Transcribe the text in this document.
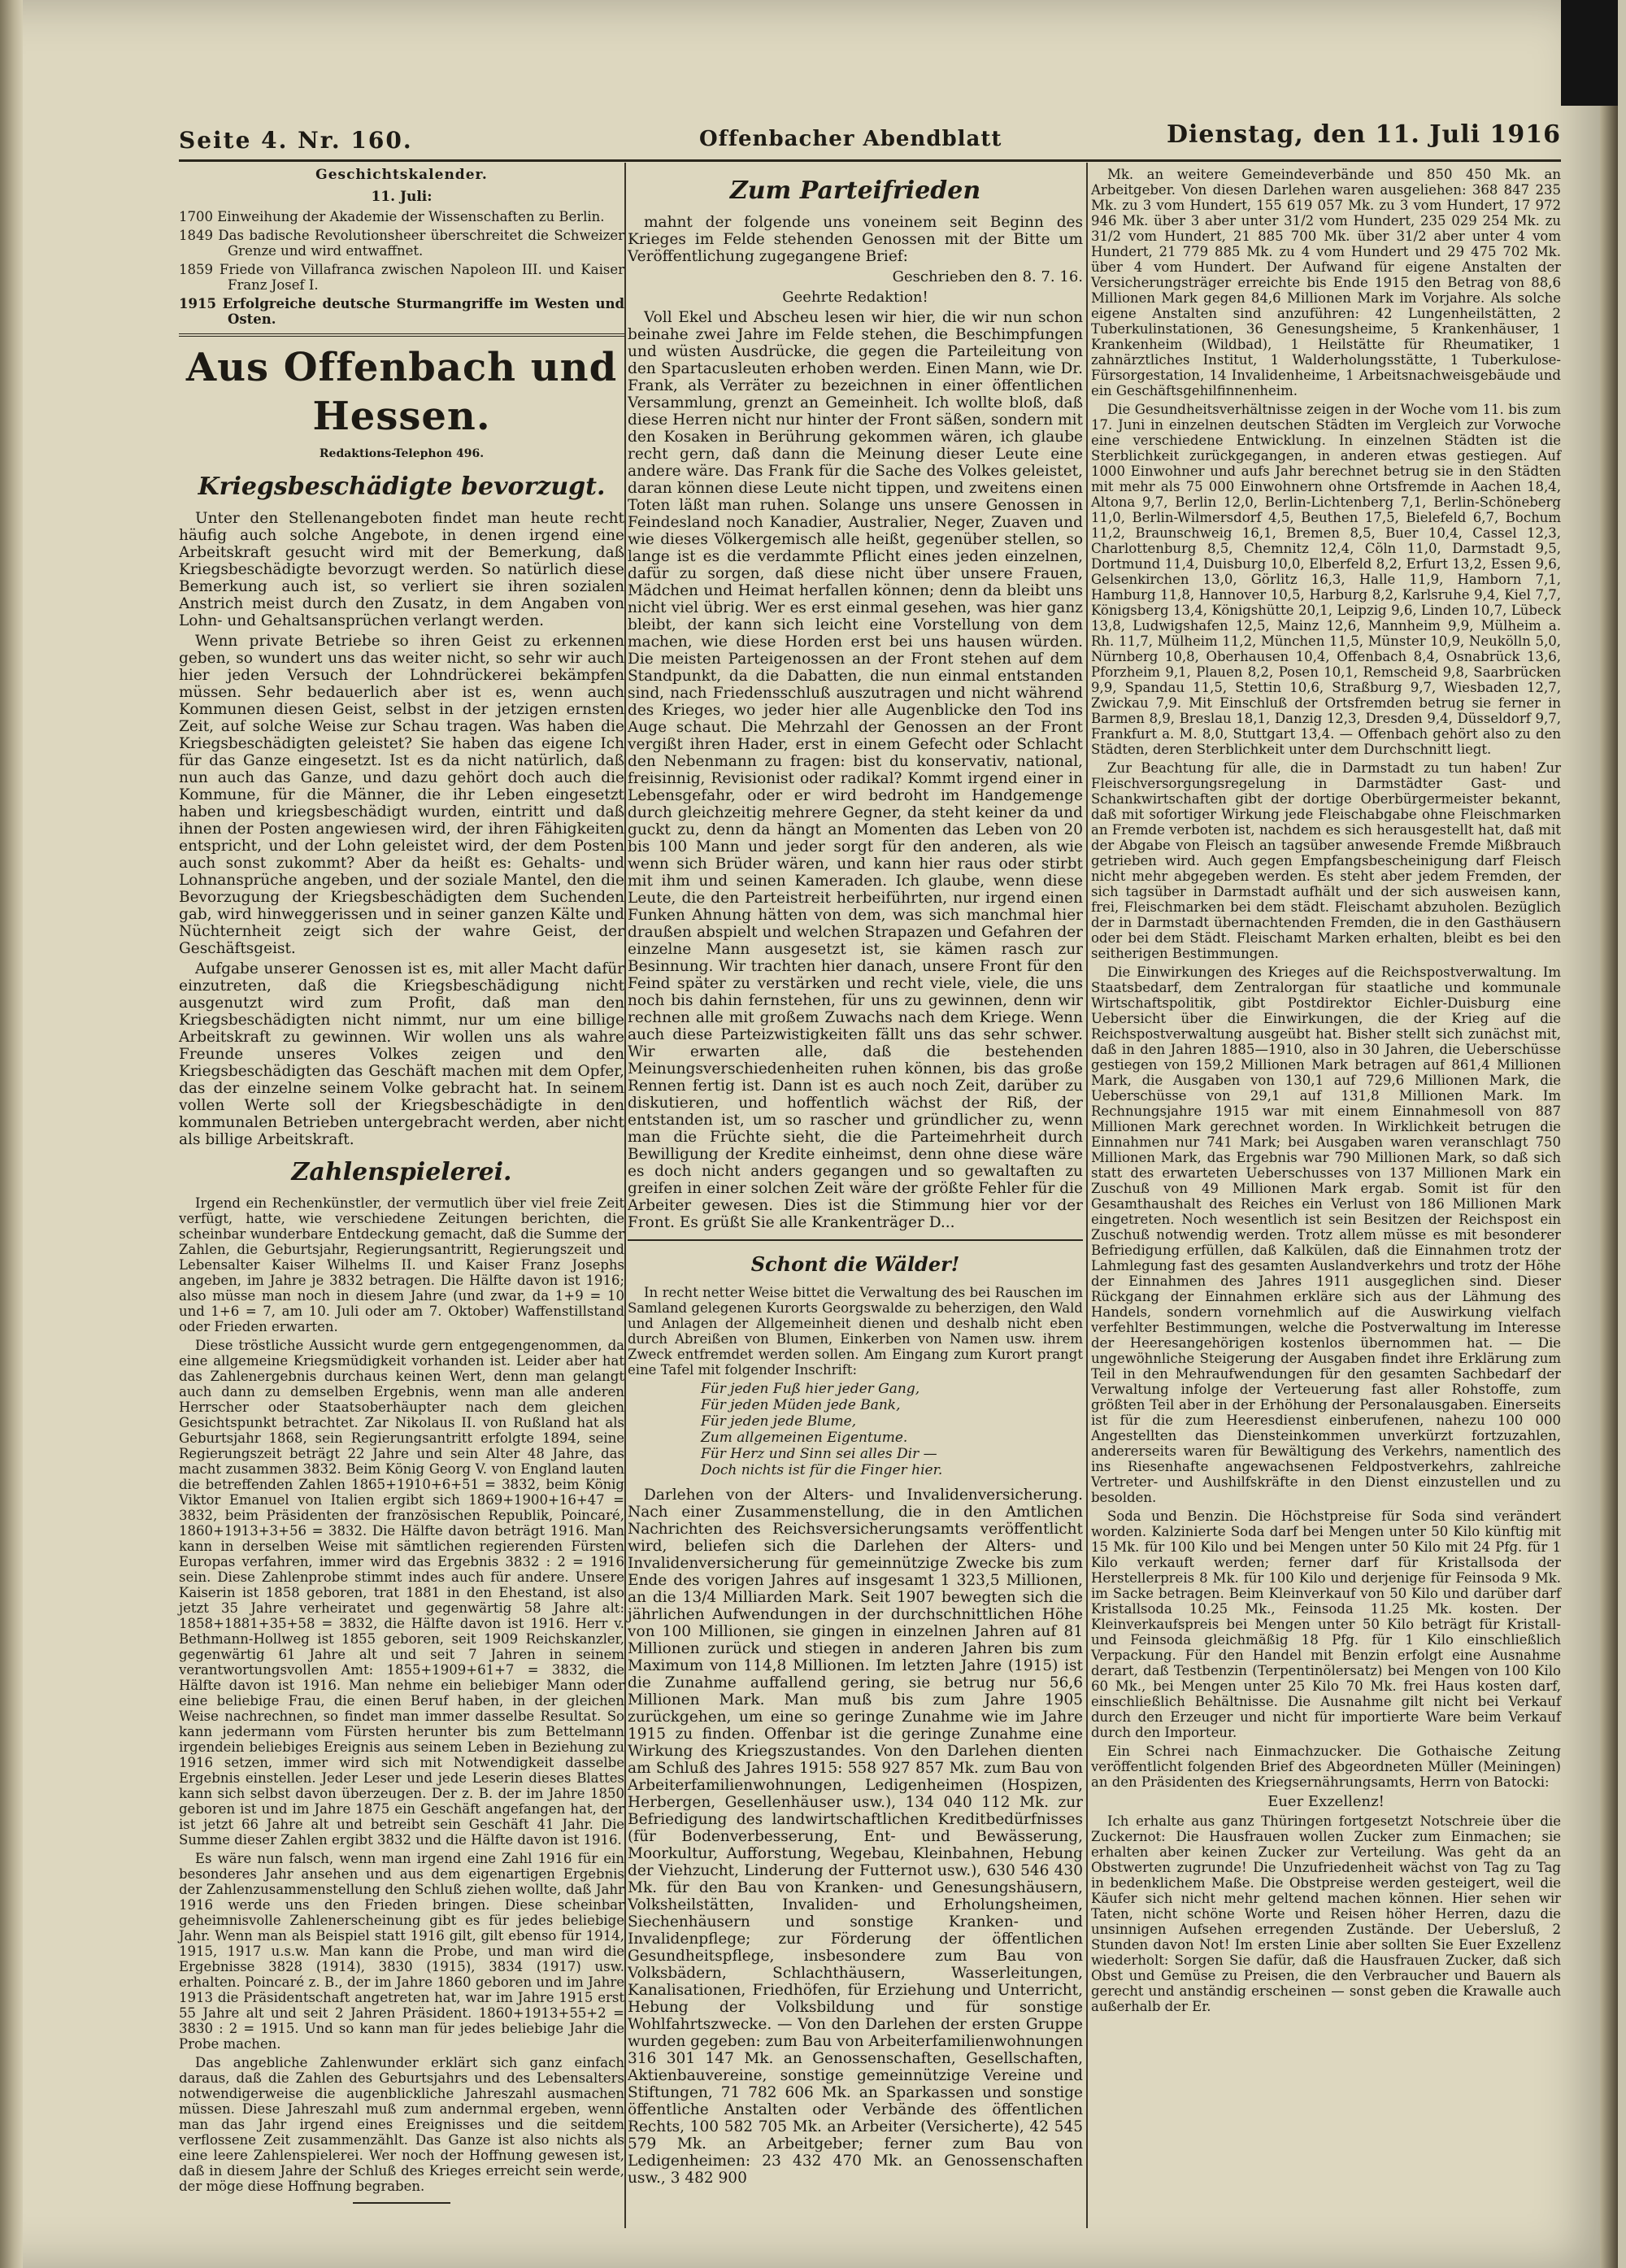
Seite 4. Nr. 160.	Offenbacher Abendblatt	Dienstag, den 11. Juli 1916
Geschichtskalender.
11. Juli:
1700 Einweihung der Akademie der Wissenschaften zu Berlin.
1849 Das badische Revolutionsheer überschreitet die Schweizer Grenze und wird entwaffnet.
1859 Friede von Villafranca zwischen Napoleon III. und Kaiser Franz Josef I.
1915 Erfolgreiche deutsche Sturmangriffe im Westen und Osten.
Aus Offenbach und Hessen.
Redaktions-Telephon 496.
Kriegsbeschädigte bevorzugt.

Unter den Stellenangeboten findet man heute recht häufig auch solche Angebote, in denen irgend eine Arbeitskraft gesucht wird mit der Bemerkung, daß Kriegsbeschädigte bevorzugt werden. So natürlich diese Bemerkung auch ist, so verliert sie ihren sozialen Anstrich meist durch den Zusatz, in dem Angaben von Lohn- und Gehaltsansprüchen verlangt werden.

Wenn private Betriebe so ihren Geist zu erkennen geben, so wundert uns das weiter nicht, so sehr wir auch hier jeden Versuch der Lohndrückerei bekämpfen müssen. Sehr bedauerlich aber ist es, wenn auch Kommunen diesen Geist, selbst in der jetzigen ernsten Zeit, auf solche Weise zur Schau tragen. Was haben die Kriegsbeschädigten geleistet? Sie haben das eigene Ich für das Ganze eingesetzt. Ist es da nicht natürlich, daß nun auch das Ganze, und dazu gehört doch auch die Kommune, für die Männer, die ihr Leben eingesetzt haben und kriegsbeschädigt wurden, eintritt und daß ihnen der Posten angewiesen wird, der ihren Fähigkeiten entspricht, und der Lohn geleistet wird, der dem Posten auch sonst zukommt? Aber da heißt es: Gehalts- und Lohnansprüche angeben, und der soziale Mantel, den die Bevorzugung der Kriegsbeschädigten dem Suchenden gab, wird hinweggerissen und in seiner ganzen Kälte und Nüchternheit zeigt sich der wahre Geist, der Geschäftsgeist.

Aufgabe unserer Genossen ist es, mit aller Macht dafür einzutreten, daß die Kriegsbeschädigung nicht ausgenutzt wird zum Profit, daß man den Kriegsbeschädigten nicht nimmt, nur um eine billige Arbeitskraft zu gewinnen. Wir wollen uns als wahre Freunde unseres Volkes zeigen und den Kriegsbeschädigten das Geschäft machen mit dem Opfer, das der einzelne seinem Volke gebracht hat. In seinem vollen Werte soll der Kriegsbeschädigte in den kommunalen Betrieben untergebracht werden, aber nicht als billige Arbeitskraft.

Zahlenspielerei.

Irgend ein Rechenkünstler, der vermutlich über viel freie Zeit verfügt, hatte, wie verschiedene Zeitungen berichten, die scheinbar wunderbare Entdeckung gemacht, daß die Summe der Zahlen, die Geburtsjahr, Regierungsantritt, Regierungszeit und Lebensalter Kaiser Wilhelms II. und Kaiser Franz Josephs angeben, im Jahre je 3832 betragen. Die Hälfte davon ist 1916; also müsse man noch in diesem Jahre (und zwar, da 1+9 = 10 und 1+6 = 7, am 10. Juli oder am 7. Oktober) Waffenstillstand oder Frieden erwarten.

Diese tröstliche Aussicht wurde gern entgegengenommen, da eine allgemeine Kriegsmüdigkeit vorhanden ist. Leider aber hat das Zahlenergebnis durchaus keinen Wert, denn man gelangt auch dann zu demselben Ergebnis, wenn man alle anderen Herrscher oder Staatsoberhäupter nach dem gleichen Gesichtspunkt betrachtet. Zar Nikolaus II. von Rußland hat als Geburtsjahr 1868, sein Regierungsantritt erfolgte 1894, seine Regierungszeit beträgt 22 Jahre und sein Alter 48 Jahre, das macht zusammen 3832. Beim König Georg V. von England lauten die betreffenden Zahlen 1865+1910+6+51 = 3832, beim König Viktor Emanuel von Italien ergibt sich 1869+1900+16+47 = 3832, beim Präsidenten der französischen Republik, Poincaré, 1860+1913+3+56 = 3832. Die Hälfte davon beträgt 1916. Man kann in derselben Weise mit sämtlichen regierenden Fürsten Europas verfahren, immer wird das Ergebnis 3832 : 2 = 1916 sein. Diese Zahlenprobe stimmt indes auch für andere. Unsere Kaiserin ist 1858 geboren, trat 1881 in den Ehestand, ist also jetzt 35 Jahre verheiratet und gegenwärtig 58 Jahre alt: 1858+1881+35+58 = 3832, die Hälfte davon ist 1916. Herr v. Bethmann-Hollweg ist 1855 geboren, seit 1909 Reichskanzler, gegenwärtig 61 Jahre alt und seit 7 Jahren in seinem verantwortungsvollen Amt: 1855+1909+61+7 = 3832, die Hälfte davon ist 1916. Man nehme ein beliebiger Mann oder eine beliebige Frau, die einen Beruf haben, in der gleichen Weise nachrechnen, so findet man immer dasselbe Resultat. So kann jedermann vom Fürsten herunter bis zum Bettelmann irgendein beliebiges Ereignis aus seinem Leben in Beziehung zu 1916 setzen, immer wird sich mit Notwendigkeit dasselbe Ergebnis einstellen. Jeder Leser und jede Leserin dieses Blattes kann sich selbst davon überzeugen. Der z. B. der im Jahre 1850 geboren ist und im Jahre 1875 ein Geschäft angefangen hat, der ist jetzt 66 Jahre alt und betreibt sein Geschäft 41 Jahr. Die Summe dieser Zahlen ergibt 3832 und die Hälfte davon ist 1916.

Es wäre nun falsch, wenn man irgend eine Zahl 1916 für ein besonderes Jahr ansehen und aus dem eigenartigen Ergebnis der Zahlenzusammenstellung den Schluß ziehen wollte, daß Jahr 1916 werde uns den Frieden bringen. Diese scheinbar geheimnisvolle Zahlenerscheinung gibt es für jedes beliebige Jahr. Wenn man als Beispiel statt 1916 gilt, gilt ebenso für 1914, 1915, 1917 u.s.w. Man kann die Probe, und man wird die Ergebnisse 3828 (1914), 3830 (1915), 3834 (1917) usw. erhalten. Poincaré z. B., der im Jahre 1860 geboren und im Jahre 1913 die Präsidentschaft angetreten hat, war im Jahre 1915 erst 55 Jahre alt und seit 2 Jahren Präsident. 1860+1913+55+2 = 3830 : 2 = 1915. Und so kann man für jedes beliebige Jahr die Probe machen.

Das angebliche Zahlenwunder erklärt sich ganz einfach daraus, daß die Zahlen des Geburtsjahrs und des Lebensalters notwendigerweise die augenblickliche Jahreszahl ausmachen müssen. Diese Jahreszahl muß zum andernmal ergeben, wenn man das Jahr irgend eines Ereignisses und die seitdem verflossene Zeit zusammenzählt. Das Ganze ist also nichts als eine leere Zahlenspielerei. Wer noch der Hoffnung gewesen ist, daß in diesem Jahre der Schluß des Krieges erreicht sein werde, der möge diese Hoffnung begraben.

Zum Parteifrieden

mahnt der folgende uns voneinem seit Beginn des Krieges im Felde stehenden Genossen mit der Bitte um Veröffentlichung zugegangene Brief:

Geschrieben den 8. 7. 16.
Geehrte Redaktion!

Voll Ekel und Abscheu lesen wir hier, die wir nun schon beinahe zwei Jahre im Felde stehen, die Beschimpfungen und wüsten Ausdrücke, die gegen die Parteileitung von den Spartacusleuten erhoben werden. Einen Mann, wie Dr. Frank, als Verräter zu bezeichnen in einer öffentlichen Versammlung, grenzt an Gemeinheit. Ich wollte bloß, daß diese Herren nicht nur hinter der Front säßen, sondern mit den Kosaken in Berührung gekommen wären, ich glaube recht gern, daß dann die Meinung dieser Leute eine andere wäre. Das Frank für die Sache des Volkes geleistet, daran können diese Leute nicht tippen, und zweitens einen Toten läßt man ruhen. Solange uns unsere Genossen in Feindesland noch Kanadier, Australier, Neger, Zuaven und wie dieses Völkergemisch alle heißt, gegenüber stellen, so lange ist es die verdammte Pflicht eines jeden einzelnen, dafür zu sorgen, daß diese nicht über unsere Frauen, Mädchen und Heimat herfallen können; denn da bleibt uns nicht viel übrig. Wer es erst einmal gesehen, was hier ganz bleibt, der kann sich leicht eine Vorstellung von dem machen, wie diese Horden erst bei uns hausen würden. Die meisten Parteigenossen an der Front stehen auf dem Standpunkt, da die Dabatten, die nun einmal entstanden sind, nach Friedensschluß auszutragen und nicht während des Krieges, wo jeder hier alle Augenblicke den Tod ins Auge schaut. Die Mehrzahl der Genossen an der Front vergißt ihren Hader, erst in einem Gefecht oder Schlacht den Nebenmann zu fragen: bist du konservativ, national, freisinnig, Revisionist oder radikal? Kommt irgend einer in Lebensgefahr, oder er wird bedroht im Handgemenge durch gleichzeitig mehrere Gegner, da steht keiner da und guckt zu, denn da hängt an Momenten das Leben von 20 bis 100 Mann und jeder sorgt für den anderen, als wie wenn sich Brüder wären, und kann hier raus oder stirbt mit ihm und seinen Kameraden. Ich glaube, wenn diese Leute, die den Parteistreit herbeiführten, nur irgend einen Funken Ahnung hätten von dem, was sich manchmal hier draußen abspielt und welchen Strapazen und Gefahren der einzelne Mann ausgesetzt ist, sie kämen rasch zur Besinnung. Wir trachten hier danach, unsere Front für den Feind später zu verstärken und recht viele, viele, die uns noch bis dahin fernstehen, für uns zu gewinnen, denn wir rechnen alle mit großem Zuwachs nach dem Kriege. Wenn auch diese Parteizwistigkeiten fällt uns das sehr schwer. Wir erwarten alle, daß die bestehenden Meinungsverschiedenheiten ruhen können, bis das große Rennen fertig ist. Dann ist es auch noch Zeit, darüber zu diskutieren, und hoffentlich wächst der Riß, der entstanden ist, um so rascher und gründlicher zu, wenn man die Früchte sieht, die die Parteimehrheit durch Bewilligung der Kredite einheimst, denn ohne diese wäre es doch nicht anders gegangen und so gewaltaften zu greifen in einer solchen Zeit wäre der größte Fehler für die Arbeiter gewesen. Dies ist die Stimmung hier vor der Front. Es grüßt Sie alle Krankenträger D...

Schont die Wälder!

In recht netter Weise bittet die Verwaltung des bei Rauschen im Samland gelegenen Kurorts Georgswalde zu beherzigen, den Wald und Anlagen der Allgemeinheit dienen und deshalb nicht eben durch Abreißen von Blumen, Einkerben von Namen usw. ihrem Zweck entfremdet werden sollen. Am Eingang zum Kurort prangt eine Tafel mit folgender Inschrift:

Für jeden Fuß hier jeder Gang,
Für jeden Müden jede Bank,
Für jeden jede Blume,
Zum allgemeinen Eigentume.
Für Herz und Sinn sei alles Dir —
Doch nichts ist für die Finger hier.

Darlehen von der Alters- und Invalidenversicherung. Nach einer Zusammenstellung, die in den Amtlichen Nachrichten des Reichsversicherungsamts veröffentlicht wird, beliefen sich die Darlehen der Alters- und Invalidenversicherung für gemeinnützige Zwecke bis zum Ende des vorigen Jahres auf insgesamt 1 323,5 Millionen, an die 13/4 Milliarden Mark. Seit 1907 bewegten sich die jährlichen Aufwendungen in der durchschnittlichen Höhe von 100 Millionen, sie gingen in einzelnen Jahren auf 81 Millionen zurück und stiegen in anderen Jahren bis zum Maximum von 114,8 Millionen. Im letzten Jahre (1915) ist die Zunahme auffallend gering, sie betrug nur 56,6 Millionen Mark. Man muß bis zum Jahre 1905 zurückgehen, um eine so geringe Zunahme wie im Jahre 1915 zu finden. Offenbar ist die geringe Zunahme eine Wirkung des Kriegszustandes. Von den Darlehen dienten am Schluß des Jahres 1915: 558 927 857 Mk. zum Bau von Arbeiterfamilienwohnungen, Ledigenheimen (Hospizen, Herbergen, Gesellenhäuser usw.), 134 040 112 Mk. zur Befriedigung des landwirtschaftlichen Kreditbedürfnisses (für Bodenverbesserung, Ent- und Bewässerung, Moorkultur, Aufforstung, Wegebau, Kleinbahnen, Hebung der Viehzucht, Linderung der Futternot usw.), 630 546 430 Mk. für den Bau von Kranken- und Genesungshäusern, Volksheilstätten, Invaliden- und Erholungsheimen, Siechenhäusern und sonstige Kranken- und Invalidenpflege; zur Förderung der öffentlichen Gesundheitspflege, insbesondere zum Bau von Volksbädern, Schlachthäusern, Wasserleitungen, Kanalisationen, Friedhöfen, für Erziehung und Unterricht, Hebung der Volksbildung und für sonstige Wohlfahrtszwecke. — Von den Darlehen der ersten Gruppe wurden gegeben: zum Bau von Arbeiterfamilienwohnungen 316 301 147 Mk. an Genossenschaften, Gesellschaften, Aktienbauvereine, sonstige gemeinnützige Vereine und Stiftungen, 71 782 606 Mk. an Sparkassen und sonstige öffentliche Anstalten oder Verbände des öffentlichen Rechts, 100 582 705 Mk. an Arbeiter (Versicherte), 42 545 579 Mk. an Arbeitgeber; ferner zum Bau von Ledigenheimen: 23 432 470 Mk. an Genossenschaften usw., 3 482 900

Mk. an weitere Gemeindeverbände und 850 450 Mk. an Arbeitgeber. Von diesen Darlehen waren ausgeliehen: 368 847 235 Mk. zu 3 vom Hundert, 155 619 057 Mk. zu 3 vom Hundert, 17 972 946 Mk. über 3 aber unter 31/2 vom Hundert, 235 029 254 Mk. zu 31/2 vom Hundert, 21 885 700 Mk. über 31/2 aber unter 4 vom Hundert, 21 779 885 Mk. zu 4 vom Hundert und 29 475 702 Mk. über 4 vom Hundert. Der Aufwand für eigene Anstalten der Versicherungsträger erreichte bis Ende 1915 den Betrag von 88,6 Millionen Mark gegen 84,6 Millionen Mark im Vorjahre. Als solche eigene Anstalten sind anzuführen: 42 Lungenheilstätten, 2 Tuberkulinstationen, 36 Genesungsheime, 5 Krankenhäuser, 1 Krankenheim (Wildbad), 1 Heilstätte für Rheumatiker, 1 zahnärztliches Institut, 1 Walderholungsstätte, 1 Tuberkulose-Fürsorgestation, 14 Invalidenheime, 1 Arbeitsnachweisgebäude und ein Geschäftsgehilfinnenheim.

Die Gesundheitsverhältnisse zeigen in der Woche vom 11. bis zum 17. Juni in einzelnen deutschen Städten im Vergleich zur Vorwoche eine verschiedene Entwicklung. In einzelnen Städten ist die Sterblichkeit zurückgegangen, in anderen etwas gestiegen. Auf 1000 Einwohner und aufs Jahr berechnet betrug sie in den Städten mit mehr als 75 000 Einwohnern ohne Ortsfremde in Aachen 18,4, Altona 9,7, Berlin 12,0, Berlin-Lichtenberg 7,1, Berlin-Schöneberg 11,0, Berlin-Wilmersdorf 4,5, Beuthen 17,5, Bielefeld 6,7, Bochum 11,2, Braunschweig 16,1, Bremen 8,5, Buer 10,4, Cassel 12,3, Charlottenburg 8,5, Chemnitz 12,4, Cöln 11,0, Darmstadt 9,5, Dortmund 11,4, Duisburg 10,0, Elberfeld 8,2, Erfurt 13,2, Essen 9,6, Gelsenkirchen 13,0, Görlitz 16,3, Halle 11,9, Hamborn 7,1, Hamburg 11,8, Hannover 10,5, Harburg 8,2, Karlsruhe 9,4, Kiel 7,7, Königsberg 13,4, Königshütte 20,1, Leipzig 9,6, Linden 10,7, Lübeck 13,8, Ludwigshafen 12,5, Mainz 12,6, Mannheim 9,9, Mülheim a. Rh. 11,7, Mülheim 11,2, München 11,5, Münster 10,9, Neukölln 5,0, Nürnberg 10,8, Oberhausen 10,4, Offenbach 8,4, Osnabrück 13,6, Pforzheim 9,1, Plauen 8,2, Posen 10,1, Remscheid 9,8, Saarbrücken 9,9, Spandau 11,5, Stettin 10,6, Straßburg 9,7, Wiesbaden 12,7, Zwickau 7,9. Mit Einschluß der Ortsfremden betrug sie ferner in Barmen 8,9, Breslau 18,1, Danzig 12,3, Dresden 9,4, Düsseldorf 9,7, Frankfurt a. M. 8,0, Stuttgart 13,4. — Offenbach gehört also zu den Städten, deren Sterblichkeit unter dem Durchschnitt liegt.

Zur Beachtung für alle, die in Darmstadt zu tun haben! Zur Fleischversorgungsregelung in Darmstädter Gast- und Schankwirtschaften gibt der dortige Oberbürgermeister bekannt, daß mit sofortiger Wirkung jede Fleischabgabe ohne Fleischmarken an Fremde verboten ist, nachdem es sich herausgestellt hat, daß mit der Abgabe von Fleisch an tagsüber anwesende Fremde Mißbrauch getrieben wird. Auch gegen Empfangsbescheinigung darf Fleisch nicht mehr abgegeben werden. Es steht aber jedem Fremden, der sich tagsüber in Darmstadt aufhält und der sich ausweisen kann, frei, Fleischmarken bei dem städt. Fleischamt abzuholen. Bezüglich der in Darmstadt übernachtenden Fremden, die in den Gasthäusern oder bei dem Städt. Fleischamt Marken erhalten, bleibt es bei den seitherigen Bestimmungen.

Die Einwirkungen des Krieges auf die Reichspostverwaltung. Im Staatsbedarf, dem Zentralorgan für staatliche und kommunale Wirtschaftspolitik, gibt Postdirektor Eichler-Duisburg eine Uebersicht über die Einwirkungen, die der Krieg auf die Reichspostverwaltung ausgeübt hat. Bisher stellt sich zunächst mit, daß in den Jahren 1885—1910, also in 30 Jahren, die Ueberschüsse gestiegen von 159,2 Millionen Mark betragen auf 861,4 Millionen Mark, die Ausgaben von 130,1 auf 729,6 Millionen Mark, die Ueberschüsse von 29,1 auf 131,8 Millionen Mark. Im Rechnungsjahre 1915 war mit einem Einnahmesoll von 887 Millionen Mark gerechnet worden. In Wirklichkeit betrugen die Einnahmen nur 741 Mark; bei Ausgaben waren veranschlagt 750 Millionen Mark, das Ergebnis war 790 Millionen Mark, so daß sich statt des erwarteten Ueberschusses von 137 Millionen Mark ein Zuschuß von 49 Millionen Mark ergab. Somit ist für den Gesamthaushalt des Reiches ein Verlust von 186 Millionen Mark eingetreten. Noch wesentlich ist sein Besitzen der Reichspost ein Zuschuß notwendig werden. Trotz allem müsse es mit besonderer Befriedigung erfüllen, daß Kalkülen, daß die Einnahmen trotz der Lahmlegung fast des gesamten Auslandverkehrs und trotz der Höhe der Einnahmen des Jahres 1911 ausgeglichen sind. Dieser Rückgang der Einnahmen erkläre sich aus der Lähmung des Handels, sondern vornehmlich auf die Auswirkung vielfach verfehlter Bestimmungen, welche die Postverwaltung im Interesse der Heeresangehörigen kostenlos übernommen hat. — Die ungewöhnliche Steigerung der Ausgaben findet ihre Erklärung zum Teil in den Mehraufwendungen für den gesamten Sachbedarf der Verwaltung infolge der Verteuerung fast aller Rohstoffe, zum größten Teil aber in der Erhöhung der Personalausgaben. Einerseits ist für die zum Heeresdienst einberufenen, nahezu 100 000 Angestellten das Diensteinkommen unverkürzt fortzuzahlen, andererseits waren für Bewältigung des Verkehrs, namentlich des ins Riesenhafte angewachsenen Feldpostverkehrs, zahlreiche Vertreter- und Aushilfskräfte in den Dienst einzustellen und zu besolden.

Soda und Benzin. Die Höchstpreise für Soda sind verändert worden. Kalzinierte Soda darf bei Mengen unter 50 Kilo künftig mit 15 Mk. für 100 Kilo und bei Mengen unter 50 Kilo mit 24 Pfg. für 1 Kilo verkauft werden; ferner darf für Kristallsoda der Herstellerpreis 8 Mk. für 100 Kilo und derjenige für Feinsoda 9 Mk. im Sacke betragen. Beim Kleinverkauf von 50 Kilo und darüber darf Kristallsoda 10.25 Mk., Feinsoda 11.25 Mk. kosten. Der Kleinverkaufspreis bei Mengen unter 50 Kilo beträgt für Kristall- und Feinsoda gleichmäßig 18 Pfg. für 1 Kilo einschließlich Verpackung. Für den Handel mit Benzin erfolgt eine Ausnahme derart, daß Testbenzin (Terpentinölersatz) bei Mengen von 100 Kilo 60 Mk., bei Mengen unter 25 Kilo 70 Mk. frei Haus kosten darf, einschließlich Behältnisse. Die Ausnahme gilt nicht bei Verkauf durch den Erzeuger und nicht für importierte Ware beim Verkauf durch den Importeur.

Ein Schrei nach Einmachzucker. Die Gothaische Zeitung veröffentlicht folgenden Brief des Abgeordneten Müller (Meiningen) an den Präsidenten des Kriegsernährungsamts, Herrn von Batocki:

Euer Exzellenz!

Ich erhalte aus ganz Thüringen fortgesetzt Notschreie über die Zuckernot: Die Hausfrauen wollen Zucker zum Einmachen; sie erhalten aber keinen Zucker zur Verteilung. Was geht da an Obstwerten zugrunde! Die Unzufriedenheit wächst von Tag zu Tag in bedenklichem Maße. Die Obstpreise werden gesteigert, weil die Käufer sich nicht mehr geltend machen können. Hier sehen wir Taten, nicht schöne Worte und Reisen höher Herren, dazu die unsinnigen Aufsehen erregenden Zustände. Der Uebersluß, 2 Stunden davon Not! Im ersten Linie aber sollten Sie Euer Exzellenz wiederholt: Sorgen Sie dafür, daß die Hausfrauen Zucker, daß sich Obst und Gemüse zu Preisen, die den Verbraucher und Bauern als gerecht und anständig erscheinen — sonst geben die Krawalle auch außerhalb der Er.
